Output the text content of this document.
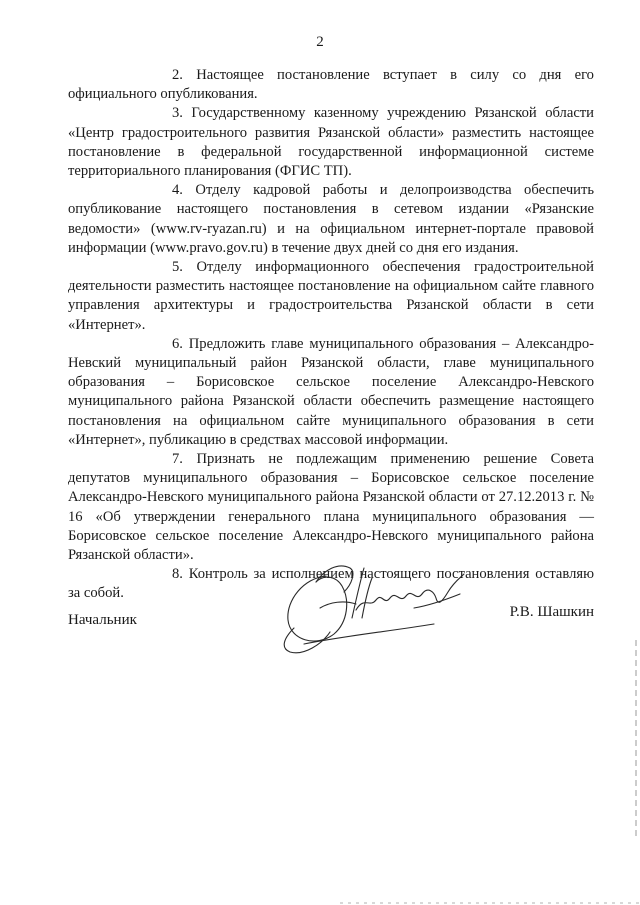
2

2. Настоящее постановление вступает в силу со дня его официального опубликования.

3. Государственному казенному учреждению Рязанской области «Центр градостроительного развития Рязанской области» разместить настоящее постановление в федеральной государственной информационной системе территориального планирования (ФГИС ТП).

4. Отделу кадровой работы и делопроизводства обеспечить опубликование настоящего постановления в сетевом издании «Рязанские ведомости» (www.rv-ryazan.ru) и на официальном интернет-портале правовой информации (www.pravo.gov.ru) в течение двух дней со дня его издания.

5. Отделу информационного обеспечения градостроительной деятельности разместить настоящее постановление на официальном сайте главного управления архитектуры и градостроительства Рязанской области в сети «Интернет».

6. Предложить главе муниципального образования – Александро-Невский муниципальный район Рязанской области, главе муниципального образования – Борисовское сельское поселение Александро-Невского муниципального района Рязанской области обеспечить размещение настоящего постановления на официальном сайте муниципального образования в сети «Интернет», публикацию в средствах массовой информации.

7. Признать не подлежащим применению решение Совета депутатов муниципального образования – Борисовское сельское поселение Александро-Невского муниципального района Рязанской области от 27.12.2013 г. № 16 «Об утверждении генерального плана муниципального образования — Борисовское сельское поселение Александро-Невского муниципального района Рязанской области».

8. Контроль за исполнением настоящего постановления оставляю за собой.

Начальник	Р.В. Шашкин
